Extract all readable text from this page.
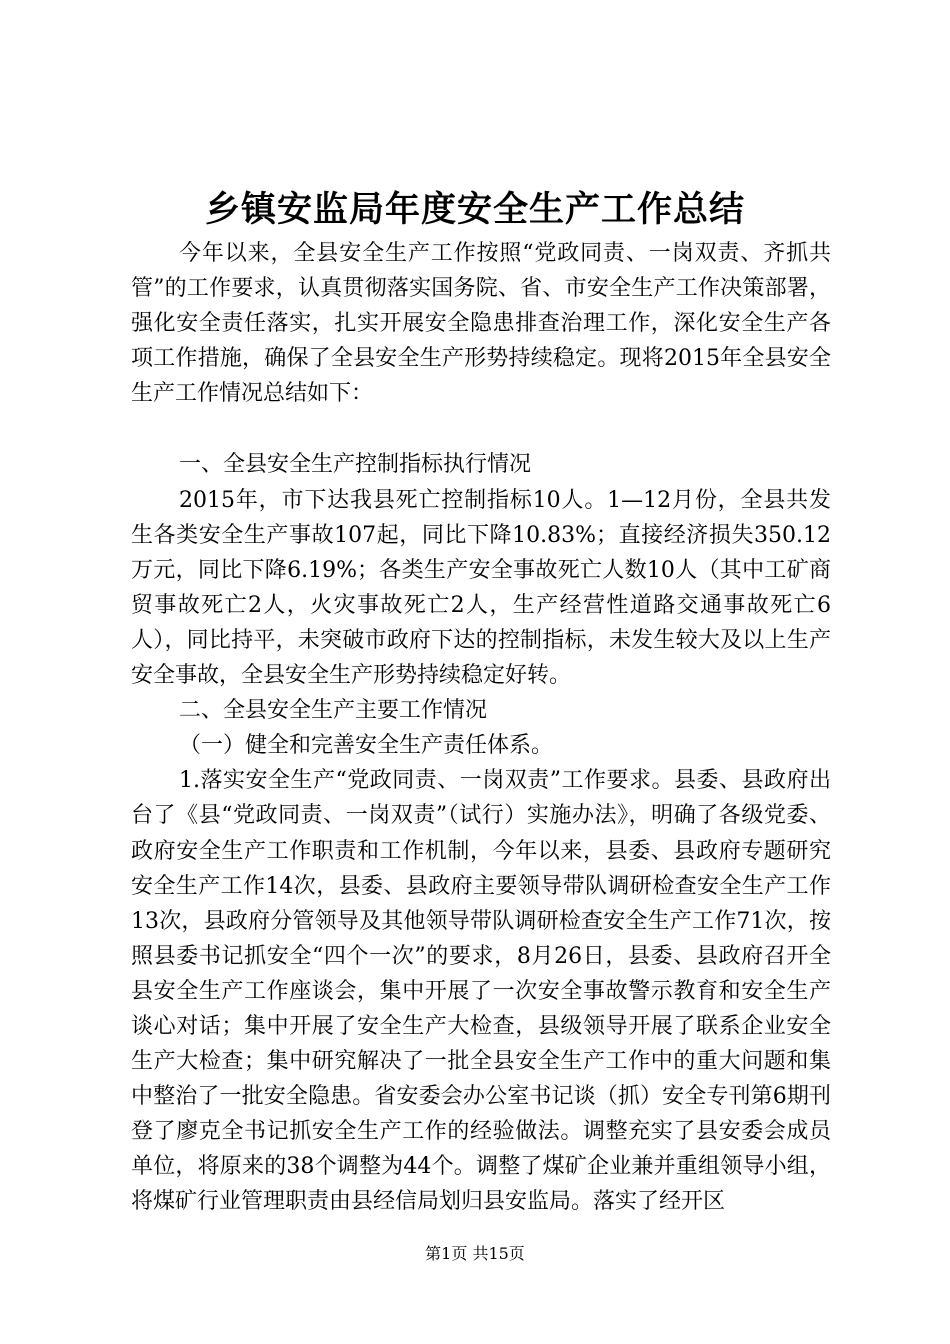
乡镇安监局年度安全生产工作总结

今年以来，全县安全生产工作按照“党政同责、一岗双责、齐抓共管”的工作要求，认真贯彻落实国务院、省、市安全生产工作决策部署，强化安全责任落实，扎实开展安全隐患排查治理工作，深化安全生产各项工作措施，确保了全县安全生产形势持续稳定。现将2015年全县安全生产工作情况总结如下：

一、全县安全生产控制指标执行情况

2015年，市下达我县死亡控制指标10人。1—12月份，全县共发生各类安全生产事故107起，同比下降10.83%；直接经济损失350.12万元，同比下降6.19%；各类生产安全事故死亡人数10人（其中工矿商贸事故死亡2人，火灾事故死亡2人，生产经营性道路交通事故死亡6人），同比持平，未突破市政府下达的控制指标，未发生较大及以上生产安全事故，全县安全生产形势持续稳定好转。

二、全县安全生产主要工作情况

（一）健全和完善安全生产责任体系。

1.落实安全生产“党政同责、一岗双责”工作要求。县委、县政府出台了《县“党政同责、一岗双责”（试行）实施办法》，明确了各级党委、政府安全生产工作职责和工作机制，今年以来，县委、县政府专题研究安全生产工作14次，县委、县政府主要领导带队调研检查安全生产工作13次，县政府分管领导及其他领导带队调研检查安全生产工作71次，按照县委书记抓安全“四个一次”的要求，8月26日，县委、县政府召开全县安全生产工作座谈会，集中开展了一次安全事故警示教育和安全生产谈心对话；集中开展了安全生产大检查，县级领导开展了联系企业安全生产大检查；集中研究解决了一批全县安全生产工作中的重大问题和集中整治了一批安全隐患。省安委会办公室书记谈（抓）安全专刊第6期刊登了廖克全书记抓安全生产工作的经验做法。调整充实了县安委会成员单位，将原来的38个调整为44个。调整了煤矿企业兼并重组领导小组，将煤矿行业管理职责由县经信局划归县安监局。落实了经开区

第1页 共15页
